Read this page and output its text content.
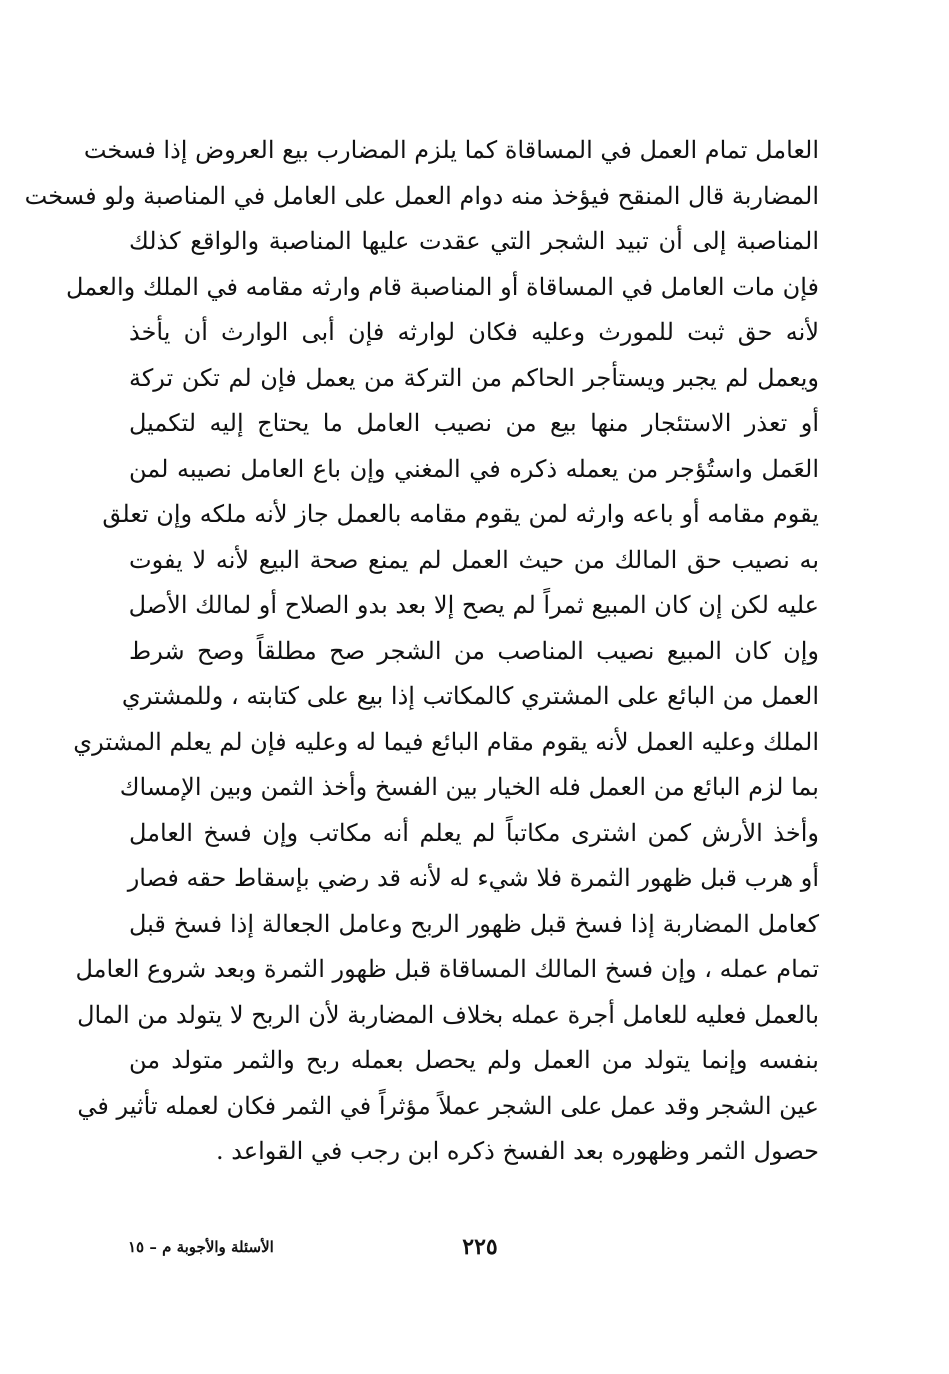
العامل تمام العمل في المساقاة كما يلزم المضارب بيع العروض إذا فسخت
المضاربة قال المنقح فيؤخذ منه دوام العمل على العامل في المناصبة ولو فسخت
المناصبة إلى أن تبيد الشجر التي عقدت عليها المناصبة والواقع كذلك
فإن مات العامل في المساقاة أو المناصبة قام وارثه مقامه في الملك والعمل
لأنه حق ثبت للمورث وعليه فكان لوارثه فإن أبى الوارث أن يأخذ
ويعمل لم يجبر ويستأجر الحاكم من التركة من يعمل فإن لم تكن تركة
أو تعذر الاستئجار منها بيع من نصيب العامل ما يحتاج إليه لتكميل
العَمل واستُؤجر من يعمله ذكره في المغني وإن باع العامل نصيبه لمن
يقوم مقامه أو باعه وارثه لمن يقوم مقامه بالعمل جاز لأنه ملكه وإن تعلق
به نصيب حق المالك من حيث العمل لم يمنع صحة البيع لأنه لا يفوت
عليه لكن إن كان المبيع ثمراً لم يصح إلا بعد بدو الصلاح أو لمالك الأصل
وإن كان المبيع نصيب المناصب من الشجر صح مطلقاً وصح شرط
العمل من البائع على المشتري كالمكاتب إذا بيع على كتابته ، وللمشتري
الملك وعليه العمل لأنه يقوم مقام البائع فيما له وعليه فإن لم يعلم المشتري
بما لزم البائع من العمل فله الخيار بين الفسخ وأخذ الثمن وبين الإمساك
وأخذ الأرش كمن اشترى مكاتباً لم يعلم أنه مكاتب وإن فسخ العامل
أو هرب قبل ظهور الثمرة فلا شيء له لأنه قد رضي بإسقاط حقه فصار
كعامل المضاربة إذا فسخ قبل ظهور الربح وعامل الجعالة إذا فسخ قبل
تمام عمله ، وإن فسخ المالك المساقاة قبل ظهور الثمرة وبعد شروع العامل
بالعمل فعليه للعامل أجرة عمله بخلاف المضاربة لأن الربح لا يتولد من المال
بنفسه وإنما يتولد من العمل ولم يحصل بعمله ربح والثمر متولد من
عين الشجر وقد عمل على الشجر عملاً مؤثراً في الثمر فكان لعمله تأثير في
حصول الثمر وظهوره بعد الفسخ ذكره ابن رجب في القواعد .
٢٢٥
الأسئلة والأجوبة م – ١٥
